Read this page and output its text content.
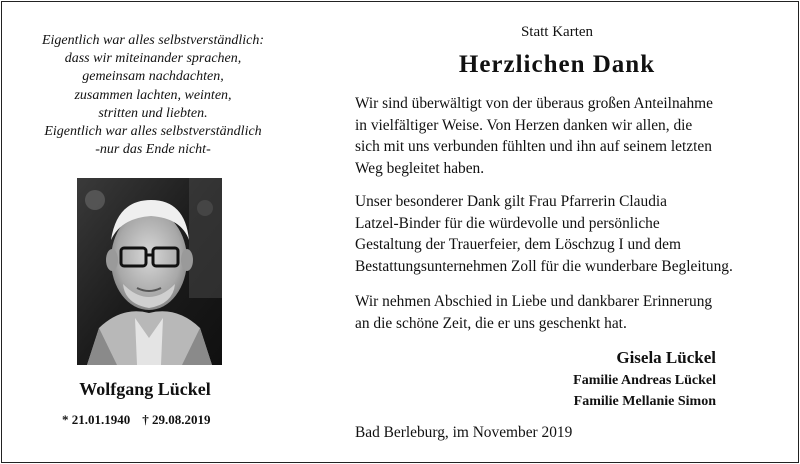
Eigentlich war alles selbstverständlich:
dass wir miteinander sprachen,
gemeinsam nachdachten,
zusammen lachten, weinten,
stritten und liebten.
Eigentlich war alles selbstverständlich
-nur das Ende nicht-
Wolfgang Lückel
* 21.01.1940 † 29.08.2019
Statt Karten
Herzlichen Dank
Wir sind überwältigt von der überaus großen Anteilnahme
in vielfältiger Weise. Von Herzen danken wir allen, die
sich mit uns verbunden fühlten und ihn auf seinem letzten
Weg begleitet haben.
Unser besonderer Dank gilt Frau Pfarrerin Claudia
Latzel-Binder für die würdevolle und persönliche
Gestaltung der Trauerfeier, dem Löschzug I und dem
Bestattungsunternehmen Zoll für die wunderbare Begleitung.
Wir nehmen Abschied in Liebe und dankbarer Erinnerung
an die schöne Zeit, die er uns geschenkt hat.
Gisela Lückel
Familie Andreas Lückel
Familie Mellanie Simon
Bad Berleburg, im November 2019
